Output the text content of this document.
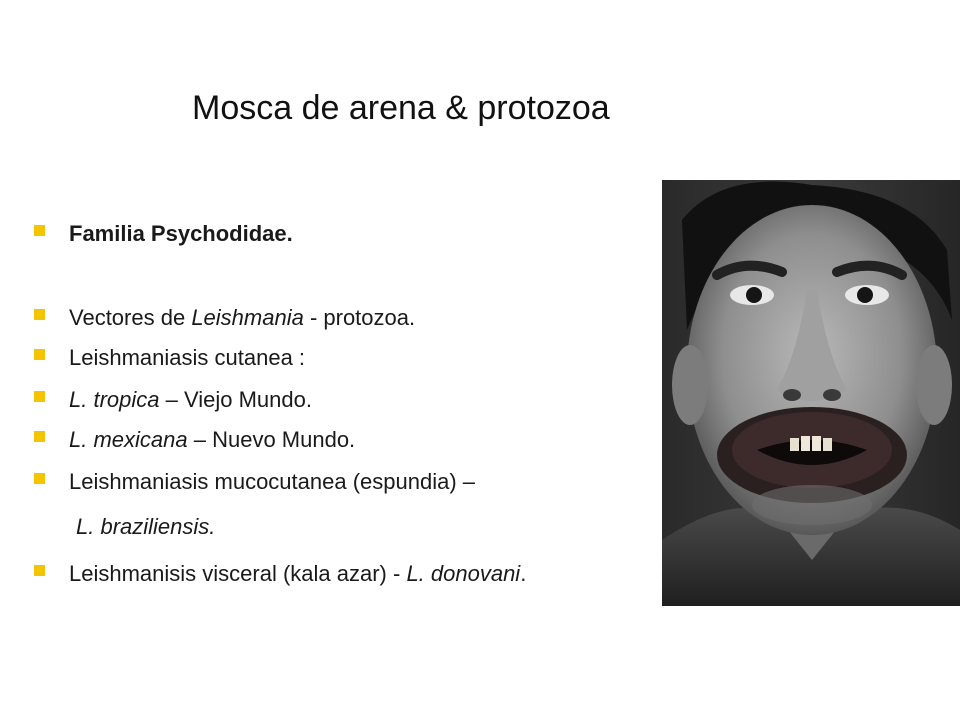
Mosca de arena & protozoa
Familia Psychodidae.
Vectores de Leishmania - protozoa.
Leishmaniasis cutanea :
L. tropica – Viejo Mundo.
L. mexicana – Nuevo Mundo.
Leishmaniasis mucocutanea (espundia) –
L. braziliensis.
Leishmanisis visceral (kala azar) - L. donovani.
